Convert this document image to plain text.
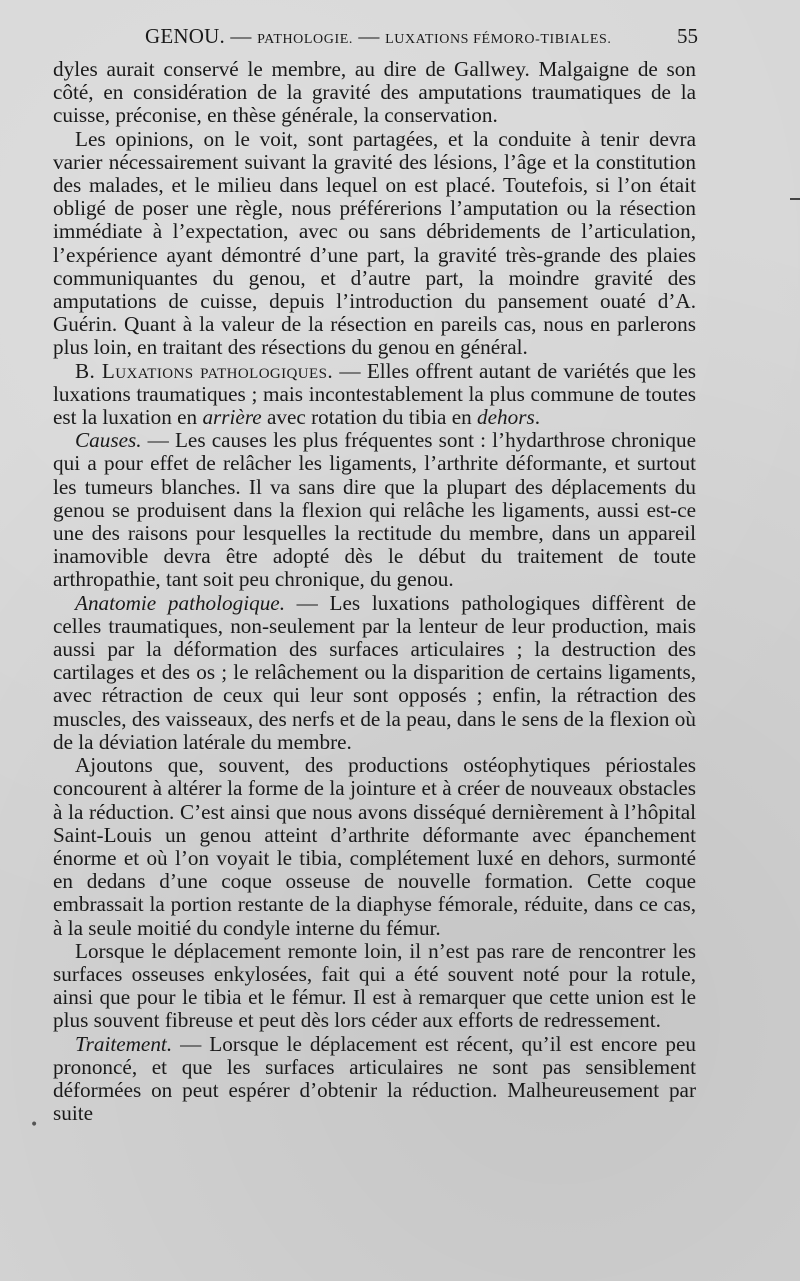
GENOU. — PATHOLOGIE. — LUXATIONS FÉMORO-TIBIALES.	55
•

dyles aurait conservé le membre, au dire de Gallwey. Malgaigne de son côté, en considération de la gravité des amputations traumatiques de la cuisse, préconise, en thèse générale, la conservation.

Les opinions, on le voit, sont partagées, et la conduite à tenir devra varier nécessairement suivant la gravité des lésions, l’âge et la constitution des malades, et le milieu dans lequel on est placé. Toutefois, si l’on était obligé de poser une règle, nous préférerions l’amputation ou la résection immédiate à l’expectation, avec ou sans débridements de l’articulation, l’expérience ayant démontré d’une part, la gravité très-grande des plaies communiquantes du genou, et d’autre part, la moindre gravité des amputations de cuisse, depuis l’introduction du pansement ouaté d’A. Guérin. Quant à la valeur de la résection en pareils cas, nous en parlerons plus loin, en traitant des résections du genou en général.

B. Luxations pathologiques. — Elles offrent autant de variétés que les luxations traumatiques ; mais incontestablement la plus commune de toutes est la luxation en arrière avec rotation du tibia en dehors.

Causes. — Les causes les plus fréquentes sont : l’hydarthrose chronique qui a pour effet de relâcher les ligaments, l’arthrite déformante, et surtout les tumeurs blanches. Il va sans dire que la plupart des déplacements du genou se produisent dans la flexion qui relâche les ligaments, aussi est-ce une des raisons pour lesquelles la rectitude du membre, dans un appareil inamovible devra être adopté dès le début du traitement de toute arthropathie, tant soit peu chronique, du genou.

Anatomie pathologique. — Les luxations pathologiques diffèrent de celles traumatiques, non-seulement par la lenteur de leur production, mais aussi par la déformation des surfaces articulaires ; la destruction des cartilages et des os ; le relâchement ou la disparition de certains ligaments, avec rétraction de ceux qui leur sont opposés ; enfin, la rétraction des muscles, des vaisseaux, des nerfs et de la peau, dans le sens de la flexion où de la déviation latérale du membre.

Ajoutons que, souvent, des productions ostéophytiques périostales concourent à altérer la forme de la jointure et à créer de nouveaux obstacles à la réduction. C’est ainsi que nous avons disséqué dernièrement à l’hôpital Saint-Louis un genou atteint d’arthrite déformante avec épanchement énorme et où l’on voyait le tibia, complétement luxé en dehors, surmonté en dedans d’une coque osseuse de nouvelle formation. Cette coque embrassait la portion restante de la diaphyse fémorale, réduite, dans ce cas, à la seule moitié du condyle interne du fémur.

Lorsque le déplacement remonte loin, il n’est pas rare de rencontrer les surfaces osseuses enkylosées, fait qui a été souvent noté pour la rotule, ainsi que pour le tibia et le fémur. Il est à remarquer que cette union est le plus souvent fibreuse et peut dès lors céder aux efforts de redressement.

Traitement. — Lorsque le déplacement est récent, qu’il est encore peu prononcé, et que les surfaces articulaires ne sont pas sensiblement déformées on peut espérer d’obtenir la réduction. Malheureusement par suite
